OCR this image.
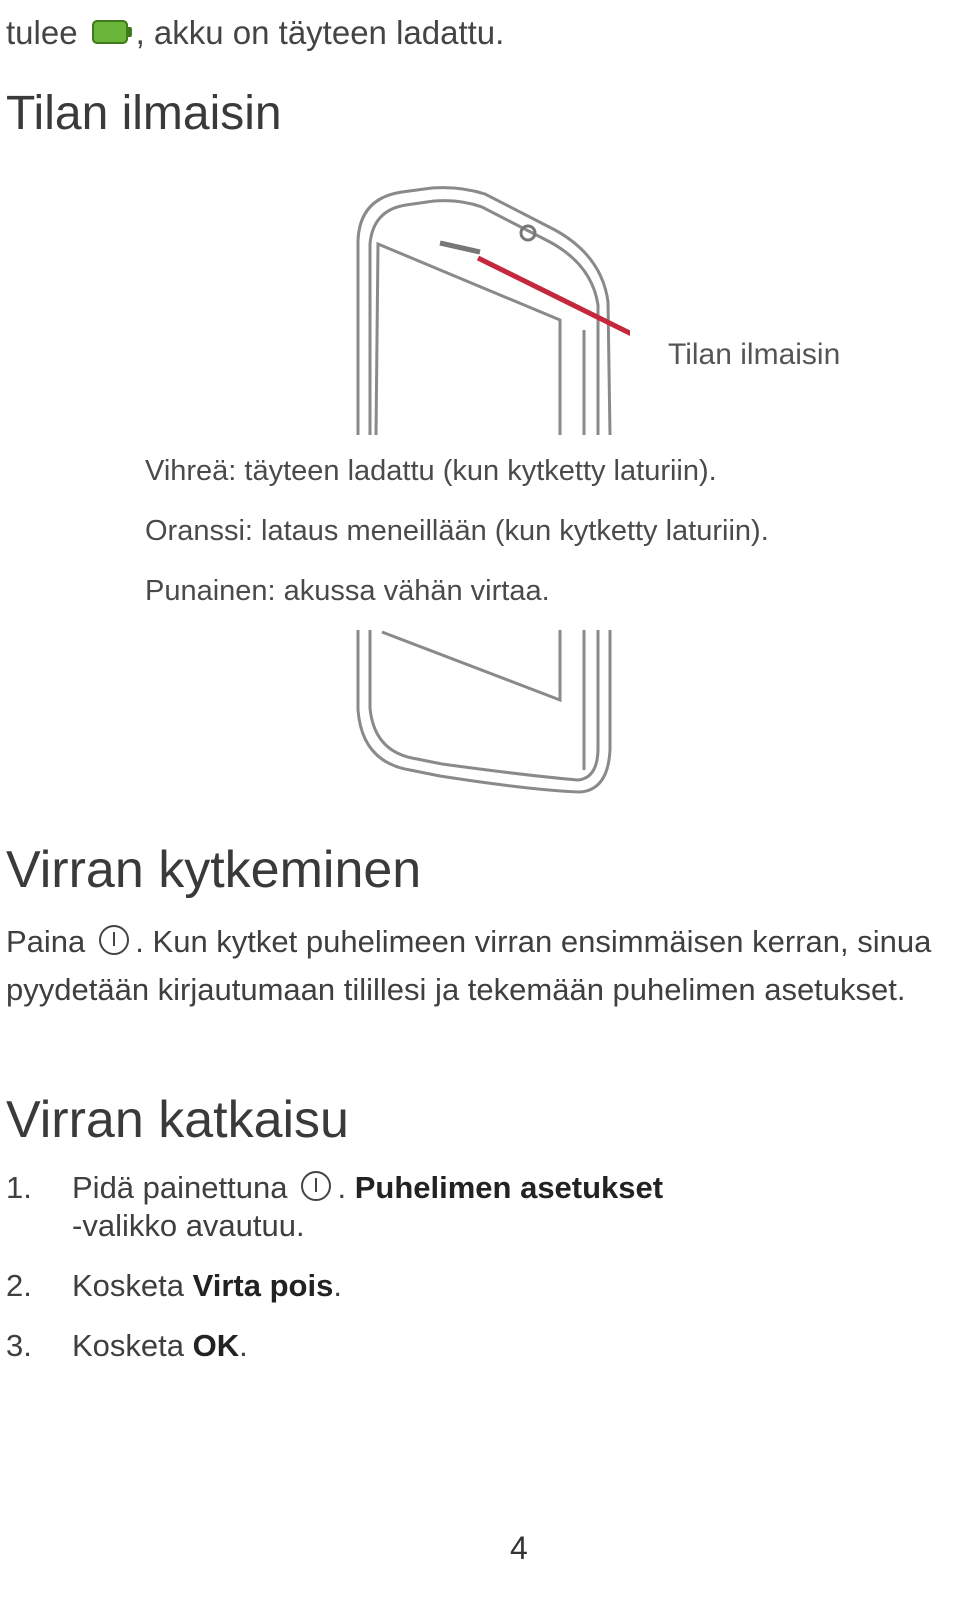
tulee , akku on täyteen ladattu.
Tilan ilmaisin
Tilan ilmaisin
Vihreä: täyteen ladattu (kun kytketty laturiin).
Oranssi: lataus meneillään (kun kytketty laturiin).
Punainen: akussa vähän virtaa.
Virran kytkeminen

Paina . Kun kytket puhelimeen virran ensimmäisen kerran, sinua pyydetään kirjautumaan tilillesi ja tekemään puhelimen asetukset.

Virran katkaisu
1. Pidä painettuna . Puhelimen asetukset
-valikko avautuu.
2. Kosketa Virta pois.
3. Kosketa OK.
4
